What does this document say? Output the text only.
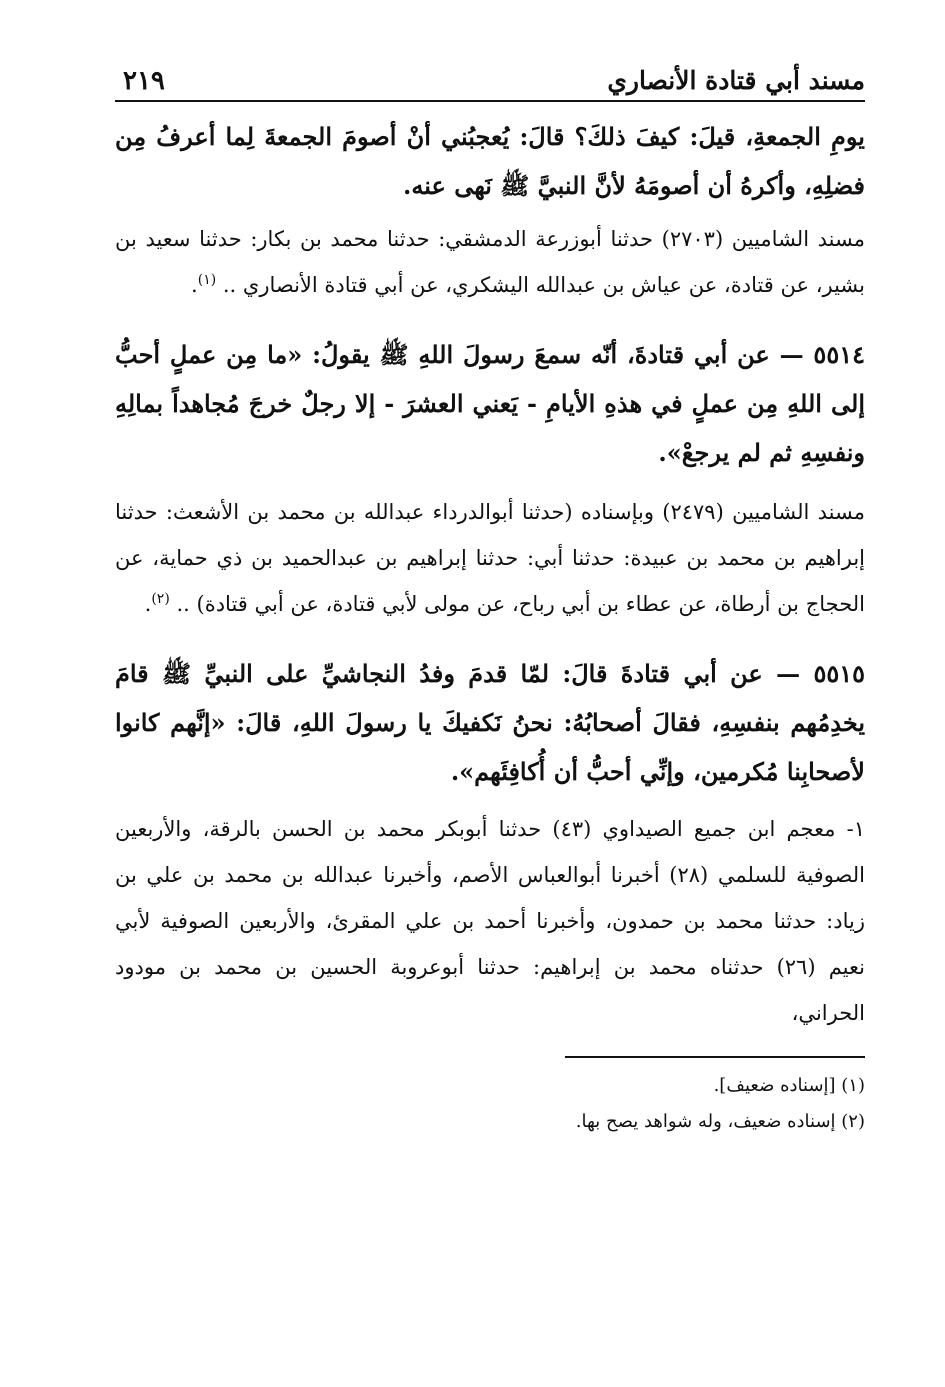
مسند أبي قتادة الأنصاري
٢١٩

يومِ الجمعةِ، قيلَ: كيفَ ذلكَ؟ قالَ: يُعجبُني أنْ أصومَ الجمعةَ لِما أعرفُ مِن فضلِهِ، وأكرهُ أن أصومَهُ لأنَّ النبيَّ ﷺ نَهى عنه.

مسند الشاميين (٢٧٠٣) حدثنا أبوزرعة الدمشقي: حدثنا محمد بن بكار: حدثنا سعيد بن بشير، عن قتادة، عن عياش بن عبدالله اليشكري، عن أبي قتادة الأنصاري .. $^{(١)}$.

٥٥١٤ — عن أبي قتادةَ، أنّه سمعَ رسولَ اللهِ ﷺ يقولُ: «ما مِن عملٍ أحبُّ إلى اللهِ مِن عملٍ في هذهِ الأيامِ - يَعني العشرَ - إلا رجلٌ خرجَ مُجاهداً بمالِهِ ونفسِهِ ثم لم يرجعْ».

مسند الشاميين (٢٤٧٩) وبإسناده (حدثنا أبوالدرداء عبدالله بن محمد بن الأشعث: حدثنا إبراهيم بن محمد بن عبيدة: حدثنا أبي: حدثنا إبراهيم بن عبدالحميد بن ذي حماية، عن الحجاج بن أرطاة، عن عطاء بن أبي رباح، عن مولى لأبي قتادة، عن أبي قتادة) .. $^{(٢)}$.

٥٥١٥ — عن أبي قتادةَ قالَ: لمّا قدمَ وفدُ النجاشيِّ على النبيِّ ﷺ قامَ يخدِمُهم بنفسِهِ، فقالَ أصحابُهُ: نحنُ نَكفيكَ يا رسولَ اللهِ، قالَ: «إنَّهم كانوا لأصحابِنا مُكرمين، وإنِّي أحبُّ أن أُكافِئَهم».

١- معجم ابن جميع الصيداوي (٤٣) حدثنا أبوبكر محمد بن الحسن بالرقة، والأربعين الصوفية للسلمي (٢٨) أخبرنا أبوالعباس الأصم، وأخبرنا عبدالله بن محمد بن علي بن زياد: حدثنا محمد بن حمدون، وأخبرنا أحمد بن علي المقرئ، والأربعين الصوفية لأبي نعيم (٢٦) حدثناه محمد بن إبراهيم: حدثنا أبوعروبة الحسين بن محمد بن مودود الحراني،

(١) [إسناده ضعيف].

(٢) إسناده ضعيف، وله شواهد يصح بها.
